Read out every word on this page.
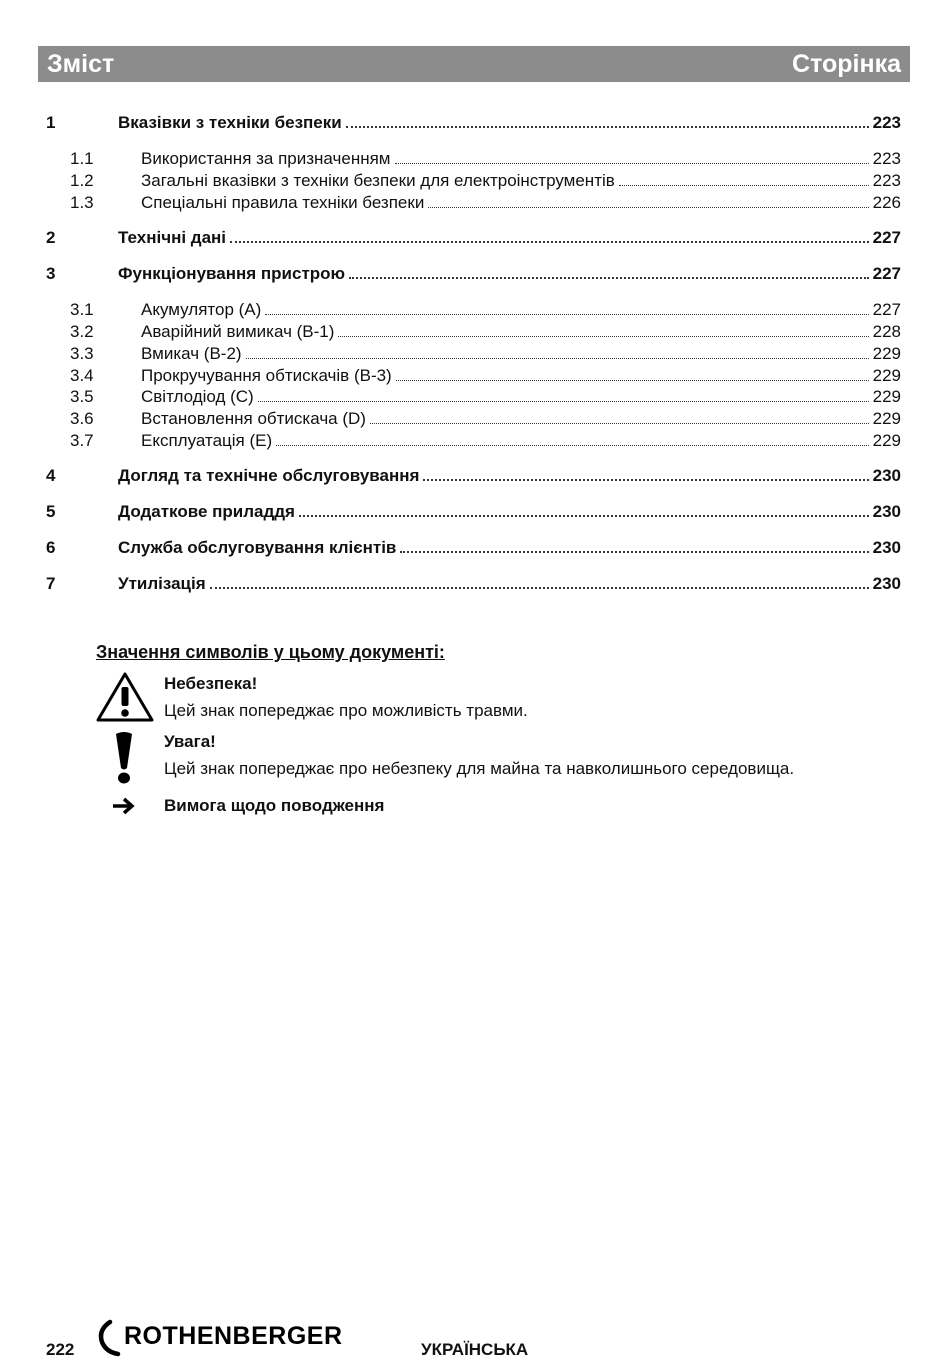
Зміст	Сторінка
1	Вказівки з техніки безпеки	223
1.1	Використання за призначенням	223
1.2	Загальні вказівки з техніки безпеки для електроінструментів	223
1.3	Спеціальні правила техніки безпеки	226
2	Технічні дані	227
3	Функціонування пристрою	227
3.1	Акумулятор (A)	227
3.2	Аварійний вимикач (B-1)	228
3.3	Вмикач (B-2)	229
3.4	Прокручування обтискачів (B-3)	229
3.5	Світлодіод (C)	229
3.6	Встановлення обтискача (D)	229
3.7	Експлуатація (E)	229
4	Догляд та технічне обслуговування	230
5	Додаткове приладдя	230
6	Служба обслуговування клієнтів	230
7	Утилізація	230
Значення символів у цьому документі:
Небезпека!
Цей знак попереджає про можливість травми.
Увага!
Цей знак попереджає про небезпеку для майна та навколишнього середовища.
Вимога щодо поводження
222 ROTHENBERGER	УКРАЇНСЬКА
